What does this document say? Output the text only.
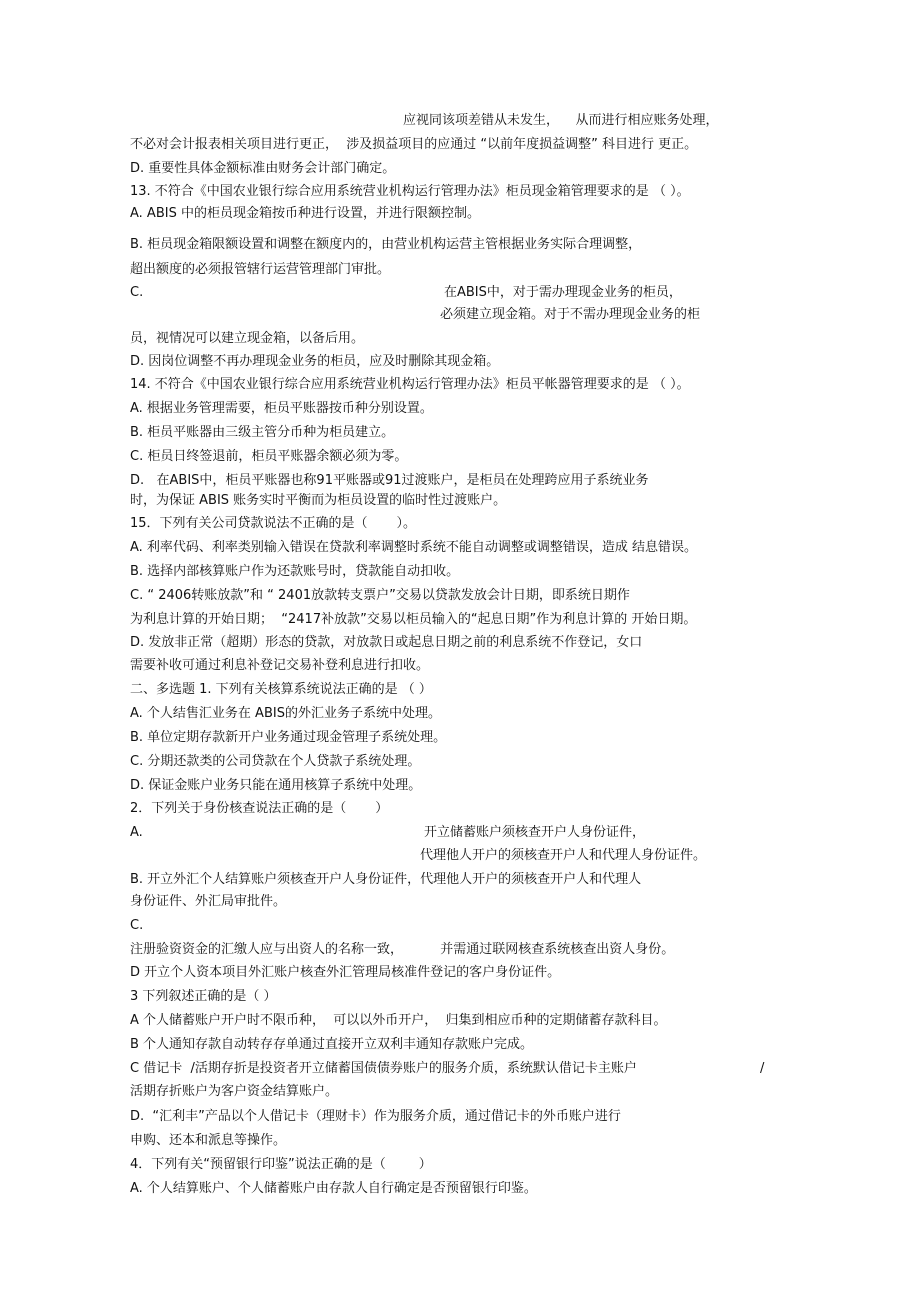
应视同该项差错从未发生，    从而进行相应账务处理，
不必对会计报表相关项目进行更正，  涉及损益项目的应通过 “以前年度损益调整” 科目进行 更正。
D. 重要性具体金额标准由财务会计部门确定。
13. 不符合《中国农业银行综合应用系统营业机构运行管理办法》柜员现金箱管理要求的是 （ ）。
A. ABIS 中的柜员现金箱按币种进行设置，并进行限额控制。
B. 柜员现金箱限额设置和调整在额度内的，由营业机构运营主管根据业务实际合理调整，
超出额度的必须报管辖行运营管理部门审批。
C.	在ABIS中，对于需办理现金业务的柜员，
必须建立现金箱。对于不需办理现金业务的柜
员，视情况可以建立现金箱，以备后用。
D. 因岗位调整不再办理现金业务的柜员，应及时删除其现金箱。
14. 不符合《中国农业银行综合应用系统营业机构运行管理办法》柜员平帐器管理要求的是 （ ）。
A. 根据业务管理需要，柜员平账器按币种分别设置。
B. 柜员平账器由三级主管分币种为柜员建立。
C. 柜员日终签退前，柜员平账器余额必须为零。
D.   在ABIS中，柜员平账器也称91平账器或91过渡账户，是柜员在处理跨应用子系统业务
时，为保证 ABIS 账务实时平衡而为柜员设置的临时性过渡账户。
15．下列有关公司贷款说法不正确的是（       ）。
A. 利率代码、利率类别输入错误在贷款利率调整时系统不能自动调整或调整错误，造成 结息错误。
B. 选择内部核算账户作为还款账号时，贷款能自动扣收。
C. “ 2406转账放款”和 “ 2401放款转支票户”交易以贷款发放会计日期，即系统日期作
为利息计算的开始日期；  “2417补放款”交易以柜员输入的“起息日期”作为利息计算的 开始日期。
D. 发放非正常（超期）形态的贷款，对放款日或起息日期之前的利息系统不作登记，女口
需要补收可通过利息补登记交易补登利息进行扣收。
二、多选题 1. 下列有关核算系统说法正确的是 （ ）
A. 个人结售汇业务在 ABIS的外汇业务子系统中处理。
B. 单位定期存款新开户业务通过现金管理子系统处理。
C. 分期还款类的公司贷款在个人贷款子系统处理。
D. 保证金账户业务只能在通用核算子系统中处理。
2．下列关于身份核查说法正确的是（       ）
A.	开立储蓄账户须核查开户人身份证件，
代理他人开户的须核查开户人和代理人身份证件。
B. 开立外汇个人结算账户须核查开户人身份证件，代理他人开户的须核查开户人和代理人
身份证件、外汇局审批件。
C.
注册验资资金的汇缴人应与出资人的名称一致，         并需通过联网核查系统核查出资人身份。
D 开立个人资本项目外汇账户核查外汇管理局核准件登记的客户身份证件。
3 下列叙述正确的是（ ）
A 个人储蓄账户开户时不限币种，  可以以外币开户，  归集到相应币种的定期储蓄存款科目。
B 个人通知存款自动转存存单通过直接开立双利丰通知存款账户完成。
C 借记卡  /活期存折是投资者开立储蓄国债债券账户的服务介质，系统默认借记卡主账户	/
活期存折账户为客户资金结算账户。
D.  “汇利丰”产品以个人借记卡（理财卡）作为服务介质，通过借记卡的外币账户进行
申购、还本和派息等操作。
4．下列有关“预留银行印鉴”说法正确的是（        ）
A. 个人结算账户、个人储蓄账户由存款人自行确定是否预留银行印鉴。
